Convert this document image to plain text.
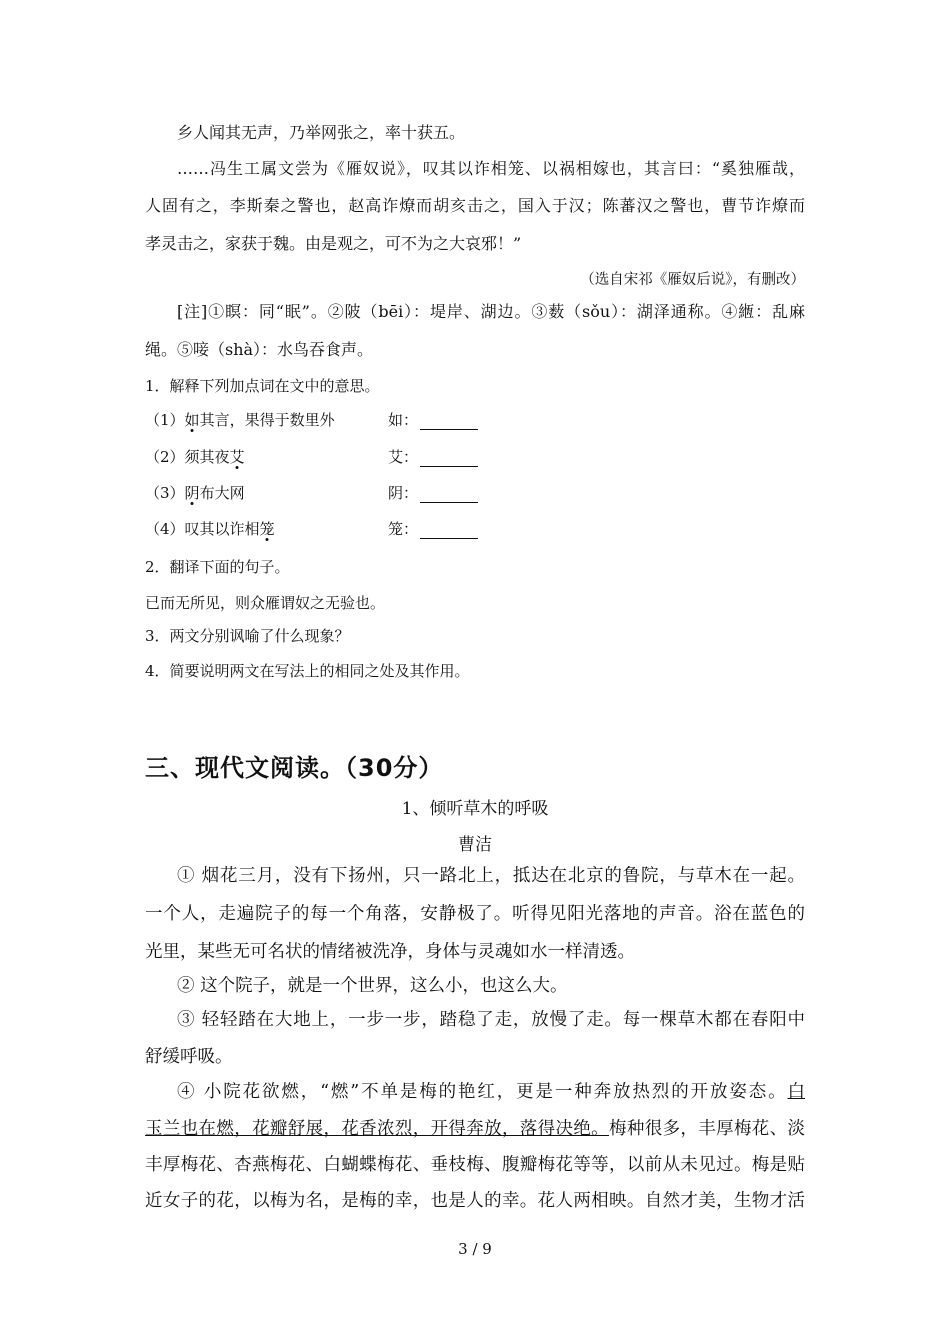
乡人闻其无声，乃举网张之，率十获五。
……冯生工属文尝为《雁奴说》，叹其以诈相笼、以祸相嫁也，其言曰：“奚独雁哉，
人固有之，李斯秦之警也，赵高诈燎而胡亥击之，国入于汉；陈蕃汉之警也，曹节诈燎而
孝灵击之，家获于魏。由是观之，可不为之大哀邪！”
（选自宋祁《雁奴后说》，有删改）
[注]①瞑：同“眠”。②陂（bēi）：堤岸、湖边。③薮（sǒu）：湖泽通称。④緪：乱麻
绳。⑤唼（shà）：水鸟吞食声。
1．解释下列加点词在文中的意思。
（1）如其言，果得于数里外	如：
（2）须其夜艾	艾：
（3）阴布大网	阴：
（4）叹其以诈相笼	笼：
2．翻译下面的句子。
已而无所见，则众雁谓奴之无验也。
3．两文分别讽喻了什么现象？
4．简要说明两文在写法上的相同之处及其作用。
三、现代文阅读。（30分）
1、倾听草木的呼吸
曹洁
① 烟花三月，没有下扬州，只一路北上，抵达在北京的鲁院，与草木在一起。
一个人，走遍院子的每一个角落，安静极了。听得见阳光落地的声音。浴在蓝色的
光里，某些无可名状的情绪被洗净，身体与灵魂如水一样清透。
② 这个院子，就是一个世界，这么小，也这么大。
③ 轻轻踏在大地上，一步一步，踏稳了走，放慢了走。每一棵草木都在春阳中
舒缓呼吸。
④ 小院花欲燃，“燃”不单是梅的艳红，更是一种奔放热烈的开放姿态。白
玉兰也在燃，花瓣舒展，花香浓烈，开得奔放，落得决绝。梅种很多，丰厚梅花、淡
丰厚梅花、杏燕梅花、白蝴蝶梅花、垂枝梅、腹瓣梅花等等，以前从未见过。梅是贴
近女子的花，以梅为名，是梅的幸，也是人的幸。花人两相映。自然才美，生物才活
3 / 9
